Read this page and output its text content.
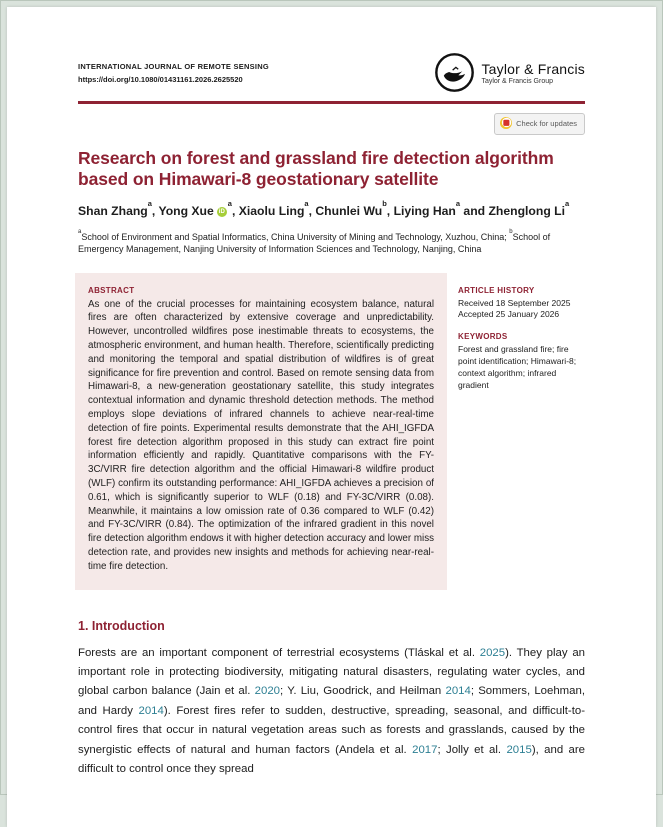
INTERNATIONAL JOURNAL OF REMOTE SENSING
https://doi.org/10.1080/01431161.2026.2625520
Taylor & Francis
Taylor & Francis Group
Check for updates
Research on forest and grassland fire detection algorithm
based on Himawari-8 geostationary satellite
Shan Zhang$^a$, Yong Xue $iD^a$, Xiaolu Ling$^a$, Chunlei Wu$^b$, Liying Han$^a$ and Zhenglong Li$^a$
$^a$School of Environment and Spatial Informatics, China University of Mining and Technology, Xuzhou, China; $^b$School of Emergency Management, Nanjing University of Information Sciences and Technology, Nanjing, China
ABSTRACT

As one of the crucial processes for maintaining ecosystem balance, natural fires are often characterized by extensive coverage and unpredictability. However, uncontrolled wildfires pose inestimable threats to ecosystems, the atmospheric environment, and human health. Therefore, scientifically predicting and monitoring the temporal and spatial distribution of wildfires is of great significance for fire prevention and control. Based on remote sensing data from Himawari-8, a new-generation geostationary satellite, this study integrates contextual information and dynamic threshold detection methods. The method employs slope deviations of infrared channels to achieve near-real-time detection of fire points. Experimental results demonstrate that the AHI_IGFDA forest fire detection algorithm proposed in this study can extract fire point information efficiently and rapidly. Quantitative comparisons with the FY-3C/VIRR fire detection algorithm and the official Himawari-8 wildfire product (WLF) confirm its outstanding performance: AHI_IGFDA achieves a precision of 0.61, which is significantly superior to WLF (0.18) and FY-3C/VIRR (0.08). Meanwhile, it maintains a low omission rate of 0.36 compared to WLF (0.42) and FY-3C/VIRR (0.84). The optimization of the infrared gradient in this novel fire detection algorithm endows it with higher detection accuracy and lower miss detection rate, and provides new insights and methods for achieving near-real-time fire detection.

ARTICLE HISTORY
Received 18 September 2025
Accepted 25 January 2026
KEYWORDS

Forest and grassland fire; fire point identification; Himawari-8; context algorithm; infrared gradient

1. Introduction

Forests are an important component of terrestrial ecosystems (Tláskal et al. 2025). They play an important role in protecting biodiversity, mitigating natural disasters, regulating water cycles, and global carbon balance (Jain et al. 2020; Y. Liu, Goodrick, and Heilman 2014; Sommers, Loehman, and Hardy 2014). Forest fires refer to sudden, destructive, spreading, seasonal, and difficult-to-control fires that occur in natural vegetation areas such as forests and grasslands, caused by the synergistic effects of natural and human factors (Andela et al. 2017; Jolly et al. 2015), and are difficult to control once they spread
